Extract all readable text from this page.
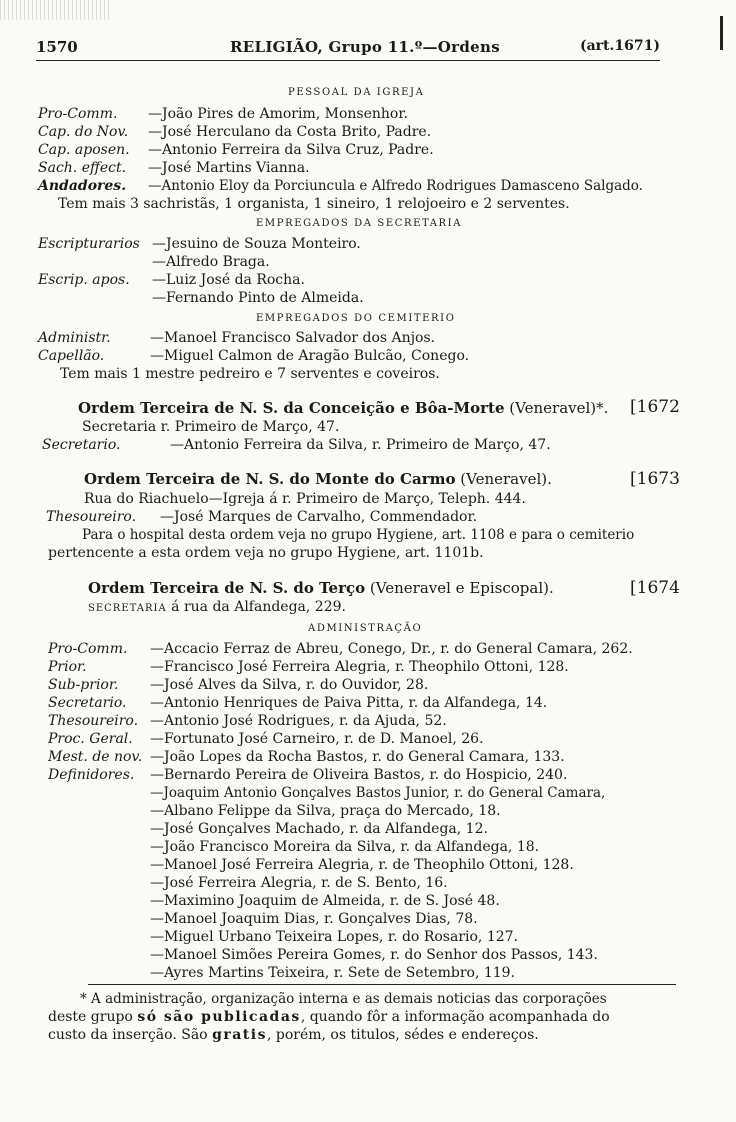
1570	RELIGIÃO, Grupo 11.º—Ordens	(art.1671)
PESSOAL DA IGREJA
Pro-Comm. —João Pires de Amorim, Monsenhor.
Cap. do Nov. —José Herculano da Costa Brito, Padre.
Cap. aposen. —Antonio Ferreira da Silva Cruz, Padre.
Sach. effect. —José Martins Vianna.
Andadores. —Antonio Eloy da Porciuncula e Alfredo Rodrigues Damasceno Salgado.
Tem mais 3 sachristãs, 1 organista, 1 sineiro, 1 relojoeiro e 2 serventes.
EMPREGADOS DA SECRETARIA
Escripturarios —Jesuino de Souza Monteiro.
—Alfredo Braga.
Escrip. apos. —Luiz José da Rocha.
—Fernando Pinto de Almeida.
EMPREGADOS DO CEMITERIO
Administr.	—Manoel Francisco Salvador dos Anjos.
Capellão.	—Miguel Calmon de Aragão Bulcão, Conego.
Tem mais 1 mestre pedreiro e 7 serventes e coveiros.
Ordem Terceira de N. S. da Conceição e Bôa-Morte (Veneravel)*. [1672
Secretaria r. Primeiro de Março, 47.
Secretario.	—Antonio Ferreira da Silva, r. Primeiro de Março, 47.
Ordem Terceira de N. S. do Monte do Carmo (Veneravel).	[1673
Rua do Riachuelo—Igreja á r. Primeiro de Março, Teleph. 444.
Thesoureiro. —José Marques de Carvalho, Commendador.
Para o hospital desta ordem veja no grupo Hygiene, art. 1108 e para o cemiterio
pertencente a esta ordem veja no grupo Hygiene, art. 1101b.
Ordem Terceira de N. S. do Terço (Veneravel e Episcopal).	[1674
SECRETARIA á rua da Alfandega, 229.
ADMINISTRAÇÃO
Pro-Comm. —Accacio Ferraz de Abreu, Conego, Dr., r. do General Camara, 262.
Prior.	—Francisco José Ferreira Alegria, r. Theophilo Ottoni, 128.
Sub-prior. —José Alves da Silva, r. do Ouvidor, 28.
Secretario. —Antonio Henriques de Paiva Pitta, r. da Alfandega, 14.
Thesoureiro. —Antonio José Rodrigues, r. da Ajuda, 52.
Proc. Geral. —Fortunato José Carneiro, r. de D. Manoel, 26.
Mest. de nov. —João Lopes da Rocha Bastos, r. do General Camara, 133.
Definidores. —Bernardo Pereira de Oliveira Bastos, r. do Hospicio, 240.
—Joaquim Antonio Gonçalves Bastos Junior, r. do General Camara,
—Albano Felippe da Silva, praça do Mercado, 18.
—José Gonçalves Machado, r. da Alfandega, 12.
—João Francisco Moreira da Silva, r. da Alfandega, 18.
—Manoel José Ferreira Alegria, r. de Theophilo Ottoni, 128.
—José Ferreira Alegria, r. de S. Bento, 16.
—Maximino Joaquim de Almeida, r. de S. José 48.
—Manoel Joaquim Dias, r. Gonçalves Dias, 78.
—Miguel Urbano Teixeira Lopes, r. do Rosario, 127.
—Manoel Simões Pereira Gomes, r. do Senhor dos Passos, 143.
—Ayres Martins Teixeira, r. Sete de Setembro, 119.
* A administração, organização interna e as demais noticias das corporações
deste grupo só são publicadas, quando fôr a informação acompanhada do
custo da inserção. São gratis, porém, os titulos, sédes e endereços.
